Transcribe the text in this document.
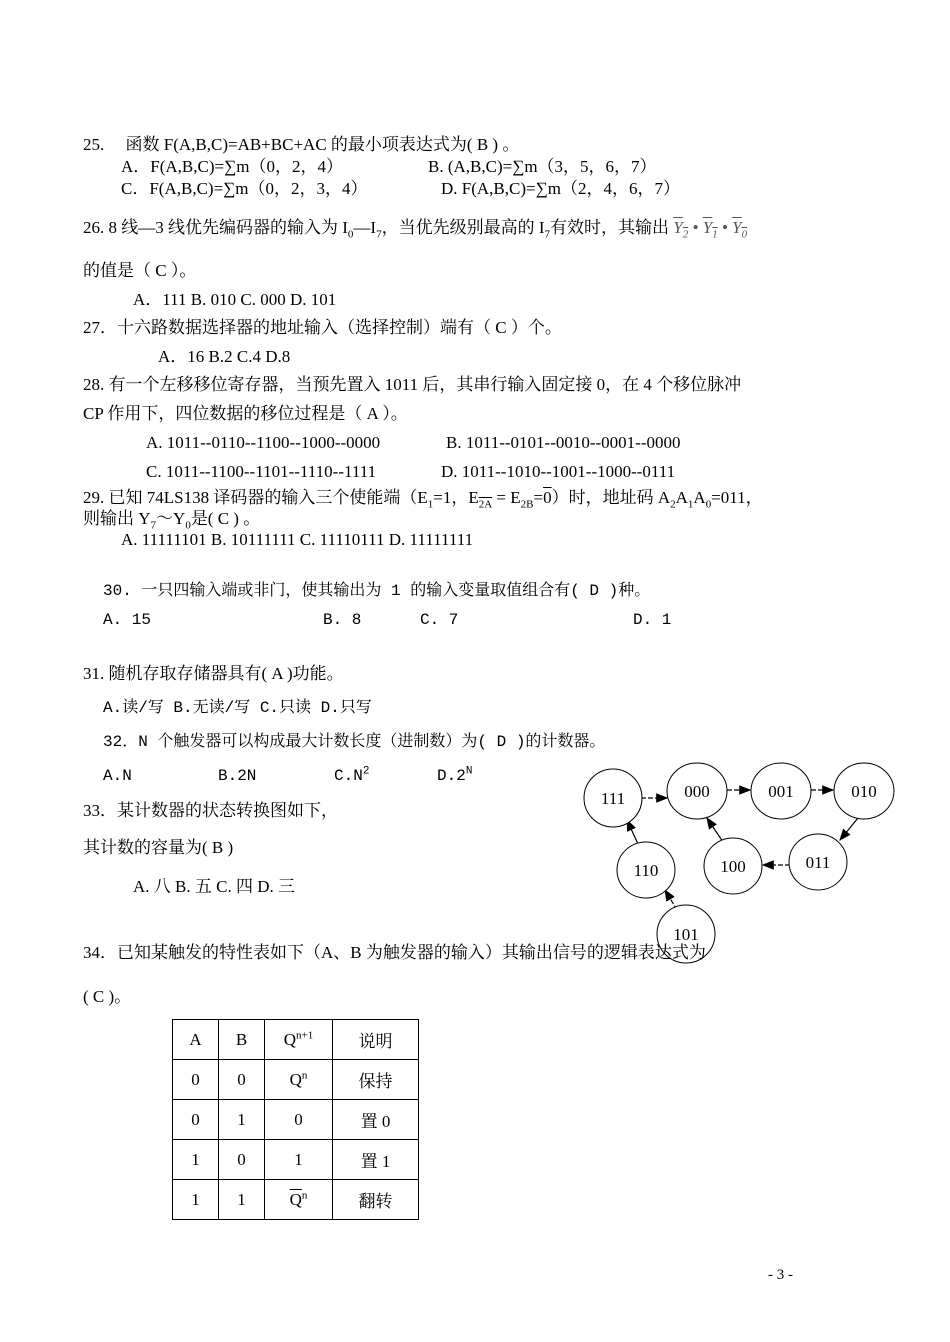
25.　 函数 F(A,B,C)=AB+BC+AC 的最小项表达式为( B ) 。
A．F(A,B,C)=∑m（0，2，4）	B. (A,B,C)=∑m（3，5，6，7）
C．F(A,B,C)=∑m（0，2，3，4）	D. F(A,B,C)=∑m（2，4，6，7）
26. 8 线—3 线优先编码器的输入为 $I_0—I_7$，当优先级别最高的 $I_7$有效时，其输出 $Y_2$ • $Y_1$ • $Y_0$
的值是（ C ）。
A．111 B. 010 C. 000 D. 101
27．十六路数据选择器的地址输入（选择控制）端有（ C ）个。
A．16 B.2 C.4 D.8
28. 有一个左移移位寄存器，当预先置入 1011 后，其串行输入固定接 0，在 4 个移位脉冲
CP 作用下，四位数据的移位过程是（ A ）。
A. 1011--0110--1100--1000--0000	B. 1011--0101--0010--0001--0000
C. 1011--1100--1101--1110--1111	D. 1011--1010--1001--1000--0111
29. 已知 74LS138 译码器的输入三个使能端（$E_1=1$，$E_{2A} = E_{2B}=0$）时，地址码 $A_2A_1A_0=011$，
则输出 $Y_7\sim Y_0$是( C ) 。
A. 11111101 B. 10111111 C. 11110111 D. 11111111
30. 一只四输入端或非门，使其输出为 1 的输入变量取值组合有( D )种。
A. 15	B. 8	C. 7	D. 1
31. 随机存取存储器具有( A )功能。
A.读/写 B.无读/写 C.只读 D.只写
32．N 个触发器可以构成最大计数长度（进制数）为( D )的计数器。
A.N	B.2N	$C.N^2$	$D.2^N$
33．某计数器的状态转换图如下，
其计数的容量为( B )
A. 八 B. 五 C. 四 D. 三
111	000	001	010
110	100	011
101
34．已知某触发的特性表如下（A、B 为触发器的输入）其输出信号的逻辑表达式为
( C )。
A	B	$Q^{n+1}$	说明
0	0	$Q^n$	保持
0	1	0	置 0
1	0	1	置 1
1	1	$\overline{Q}^n$	翻转
- 3 -
